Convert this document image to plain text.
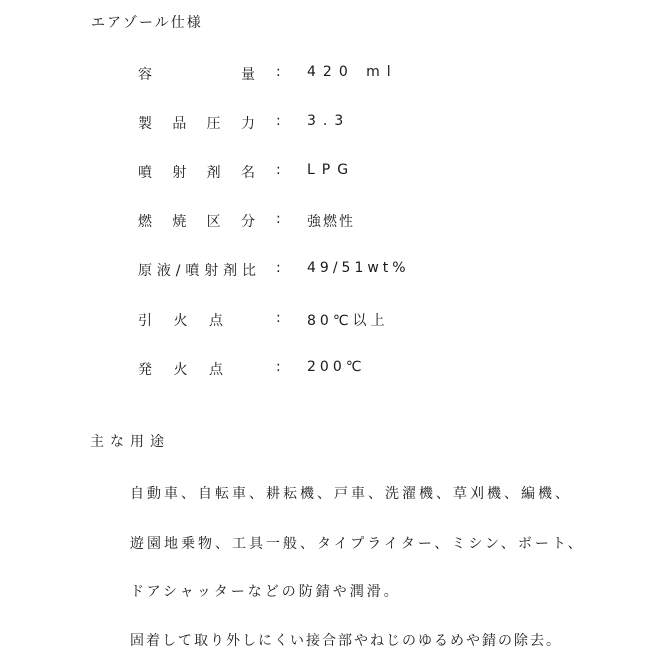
エアゾール仕様
容量 : 420 ml
製品圧力 : 3.3
噴射剤名 : LPG
燃焼区分 : 強燃性
原液/噴射剤比 : 49/51wt%
引火点	: 80℃以上
発火点	: 200℃
主な用途
自動車、自転車、耕耘機、戸車、洗濯機、草刈機、編機、
遊園地乗物、工具一般、タイプライター、ミシン、ボート、
ドアシャッターなどの防錆や潤滑。
固着して取り外しにくい接合部やねじのゆるめや錆の除去。
